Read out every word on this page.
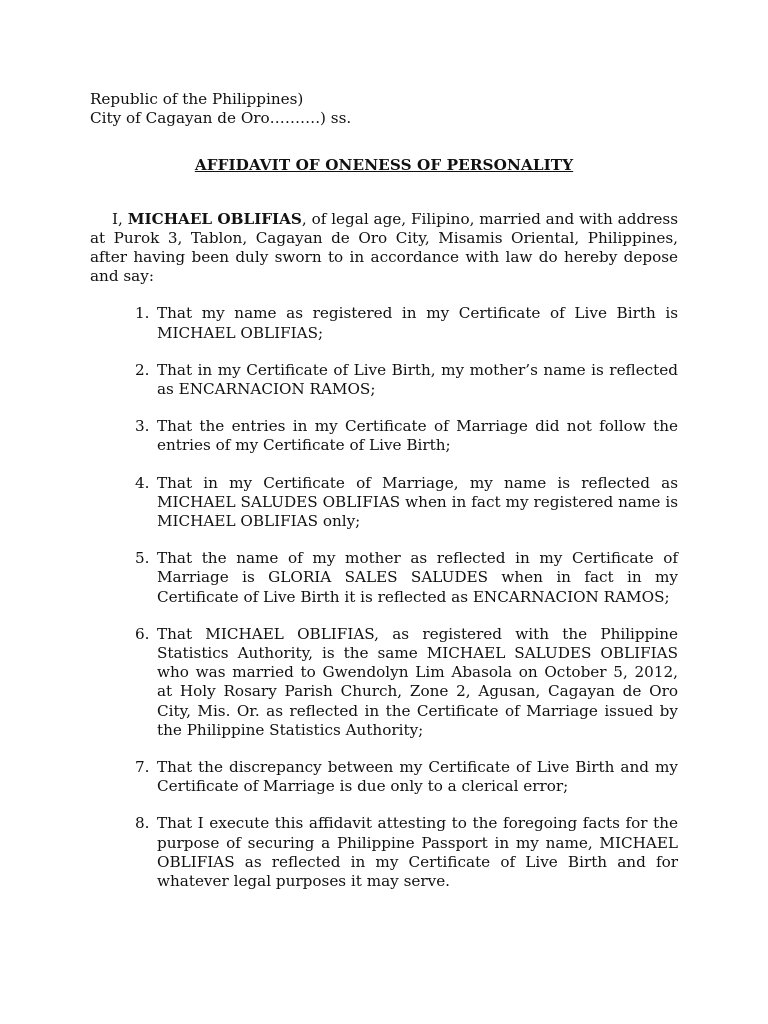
Republic of the Philippines)
City of Cagayan de Oro……….) ss.
AFFIDAVIT OF ONENESS OF PERSONALITY

I, MICHAEL OBLIFIAS, of legal age, Filipino, married and with address at Purok 3, Tablon, Cagayan de Oro City, Misamis Oriental, Philippines, after having been duly sworn to in accordance with law do hereby depose and say:

1. That my name as registered in my Certificate of Live Birth is MICHAEL OBLIFIAS;
2. That in my Certificate of Live Birth, my mother’s name is reflected as ENCARNACION RAMOS;
3. That the entries in my Certificate of Marriage did not follow the entries of my Certificate of Live Birth;
4. That in my Certificate of Marriage, my name is reflected as MICHAEL SALUDES OBLIFIAS when in fact my registered name is MICHAEL OBLIFIAS only;
5. That the name of my mother as reflected in my Certificate of Marriage is GLORIA SALES SALUDES when in fact in my Certificate of Live Birth it is reflected as ENCARNACION RAMOS;
6. That MICHAEL OBLIFIAS, as registered with the Philippine Statistics Authority, is the same MICHAEL SALUDES OBLIFIAS who was married to Gwendolyn Lim Abasola on October 5, 2012, at Holy Rosary Parish Church, Zone 2, Agusan, Cagayan de Oro City, Mis. Or. as reflected in the Certificate of Marriage issued by the Philippine Statistics Authority;
7. That the discrepancy between my Certificate of Live Birth and my Certificate of Marriage is due only to a clerical error;
8. That I execute this affidavit attesting to the foregoing facts for the purpose of securing a Philippine Passport in my name, MICHAEL OBLIFIAS as reflected in my Certificate of Live Birth and for whatever legal purposes it may serve.
